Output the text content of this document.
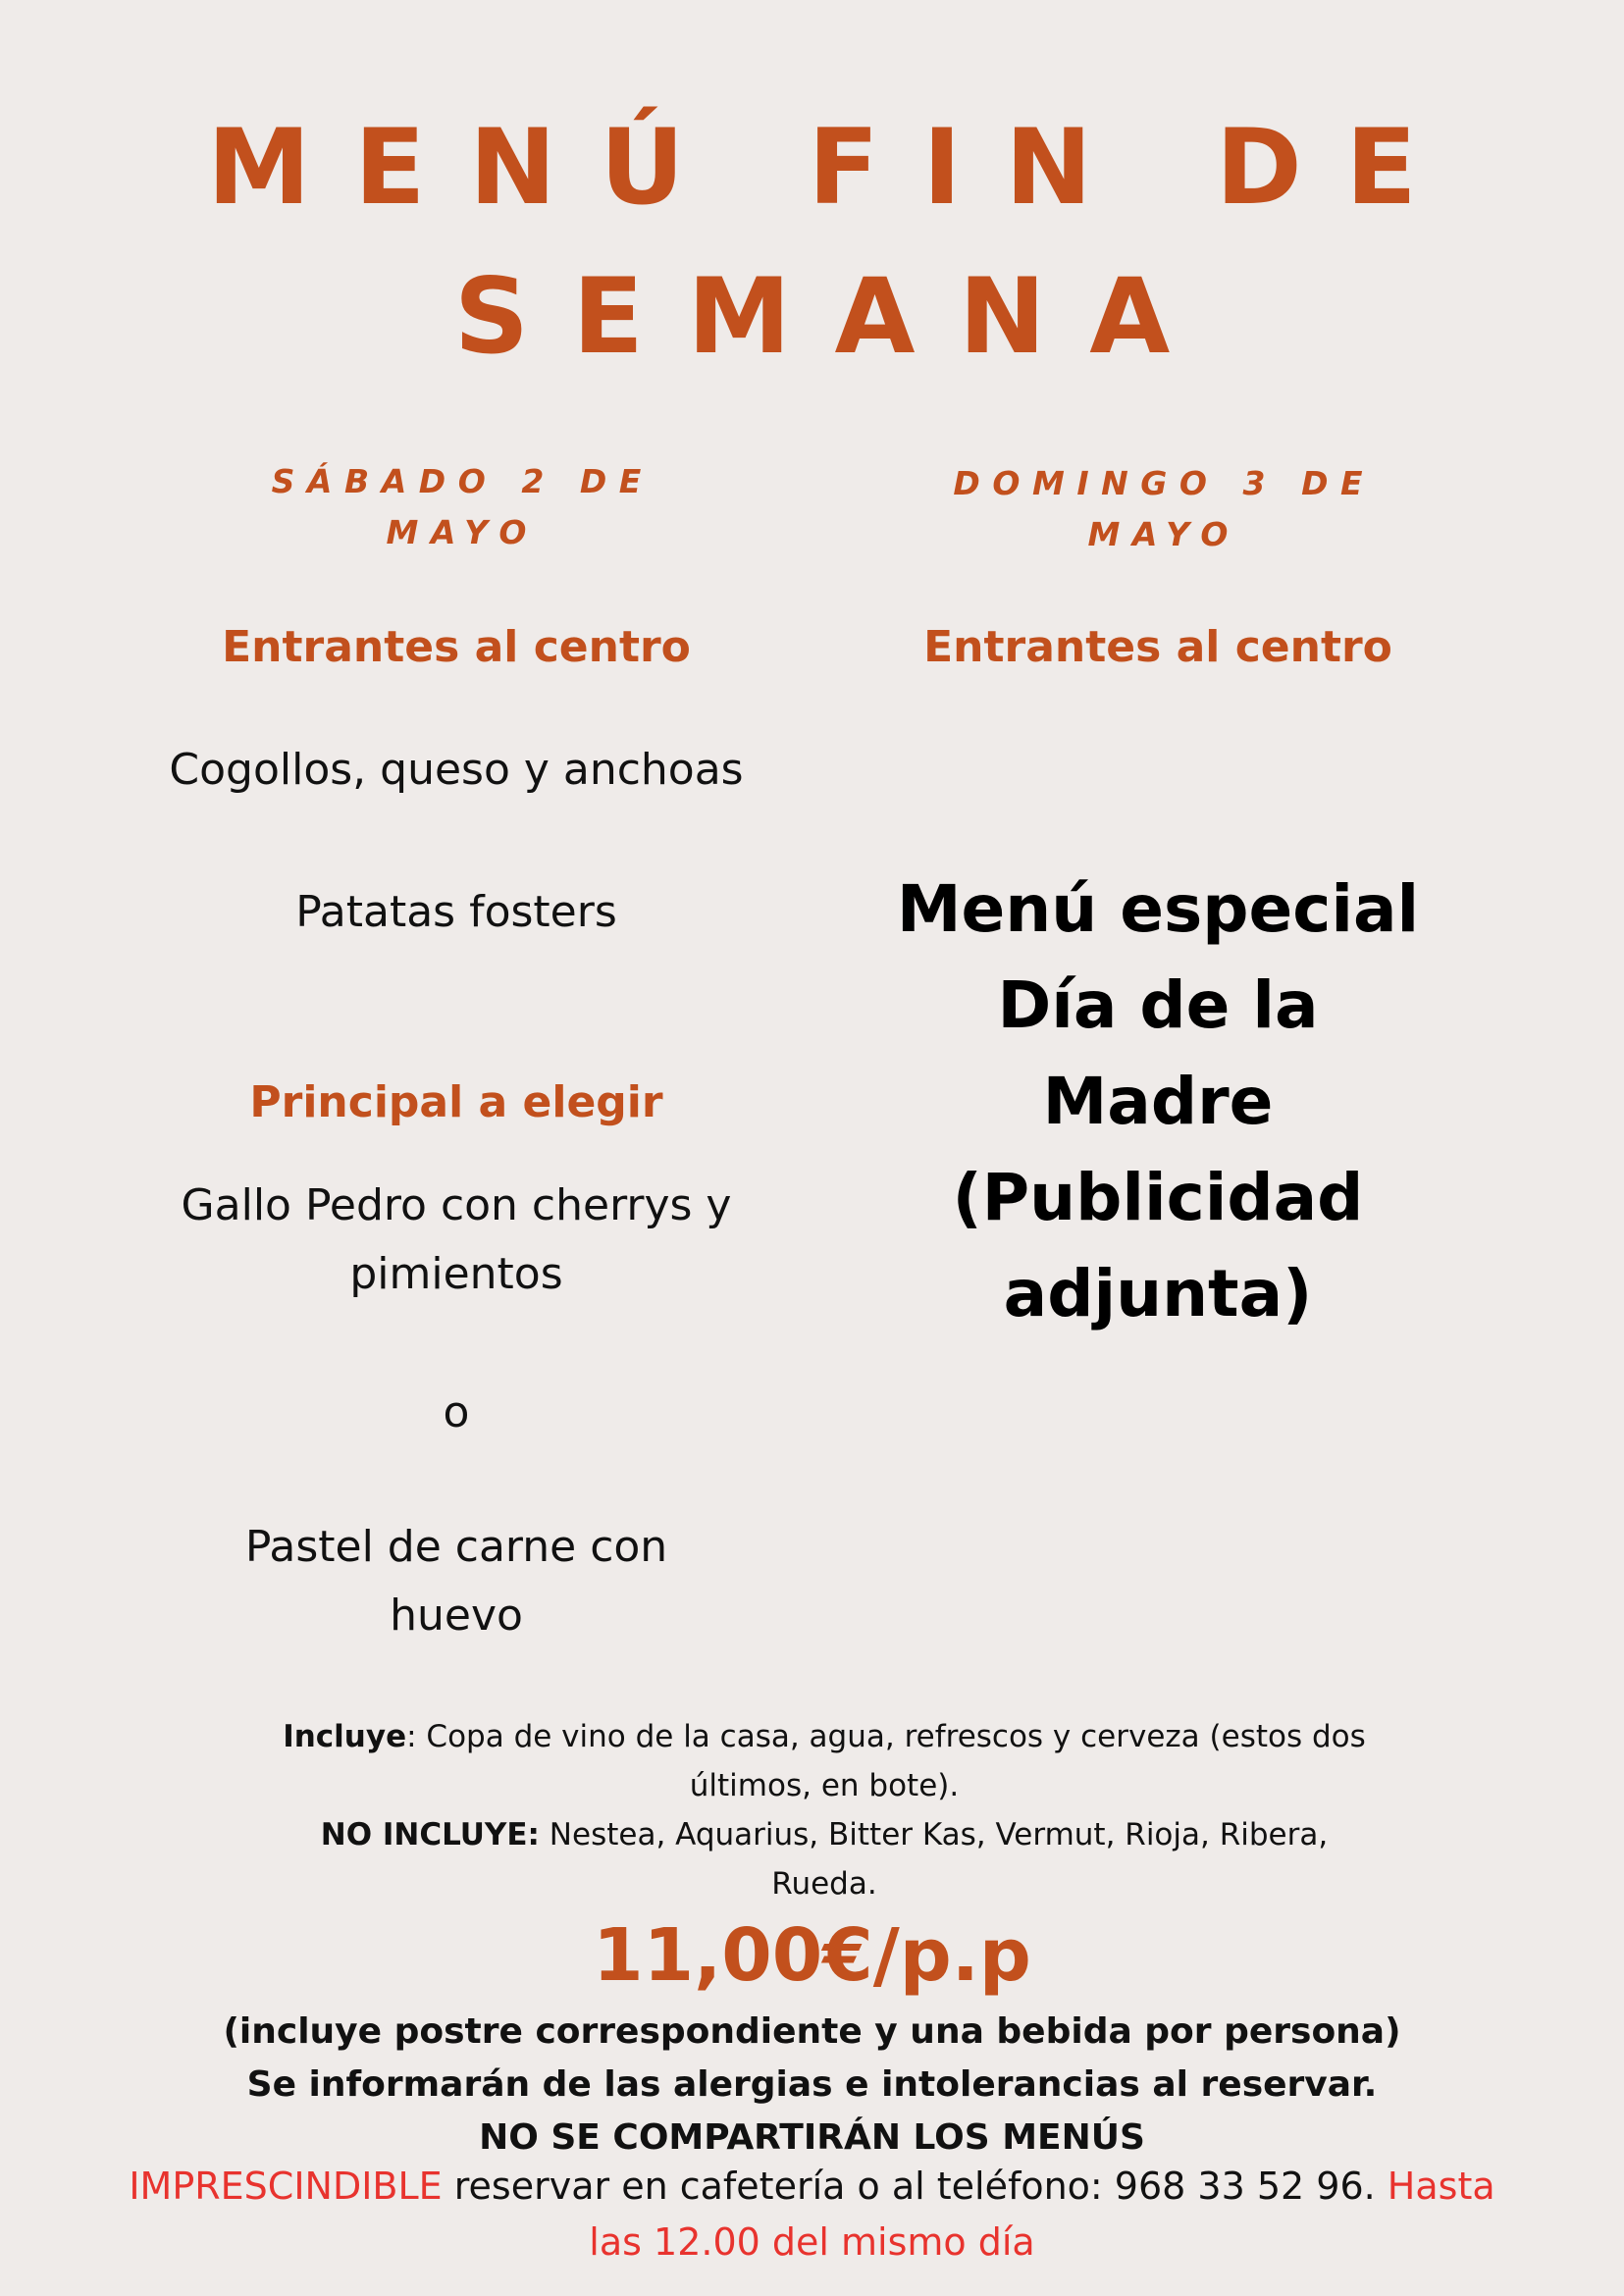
MENÚ FIN DE
SEMANA
SÁBADO 2 DE
MAYO
Entrantes al centro
Cogollos, queso y anchoas
Patatas fosters
Principal a elegir
Gallo Pedro con cherrys y
pimientos
o
Pastel de carne con
huevo
DOMINGO 3 DE
MAYO
Entrantes al centro
Menú especial
Día de la
Madre
(Publicidad
adjunta)
Incluye: Copa de vino de la casa, agua, refrescos y cerveza (estos dos
últimos, en bote).
NO INCLUYE: Nestea, Aquarius, Bitter Kas, Vermut, Rioja, Ribera, Rueda.
11,00€/p.p
(incluye postre correspondiente y una bebida por persona)
Se informarán de las alergias e intolerancias al reservar.
NO SE COMPARTIRÁN LOS MENÚS
IMPRESCINDIBLE reservar en cafetería o al teléfono: 968 33 52 96. Hasta
las 12.00 del mismo día
